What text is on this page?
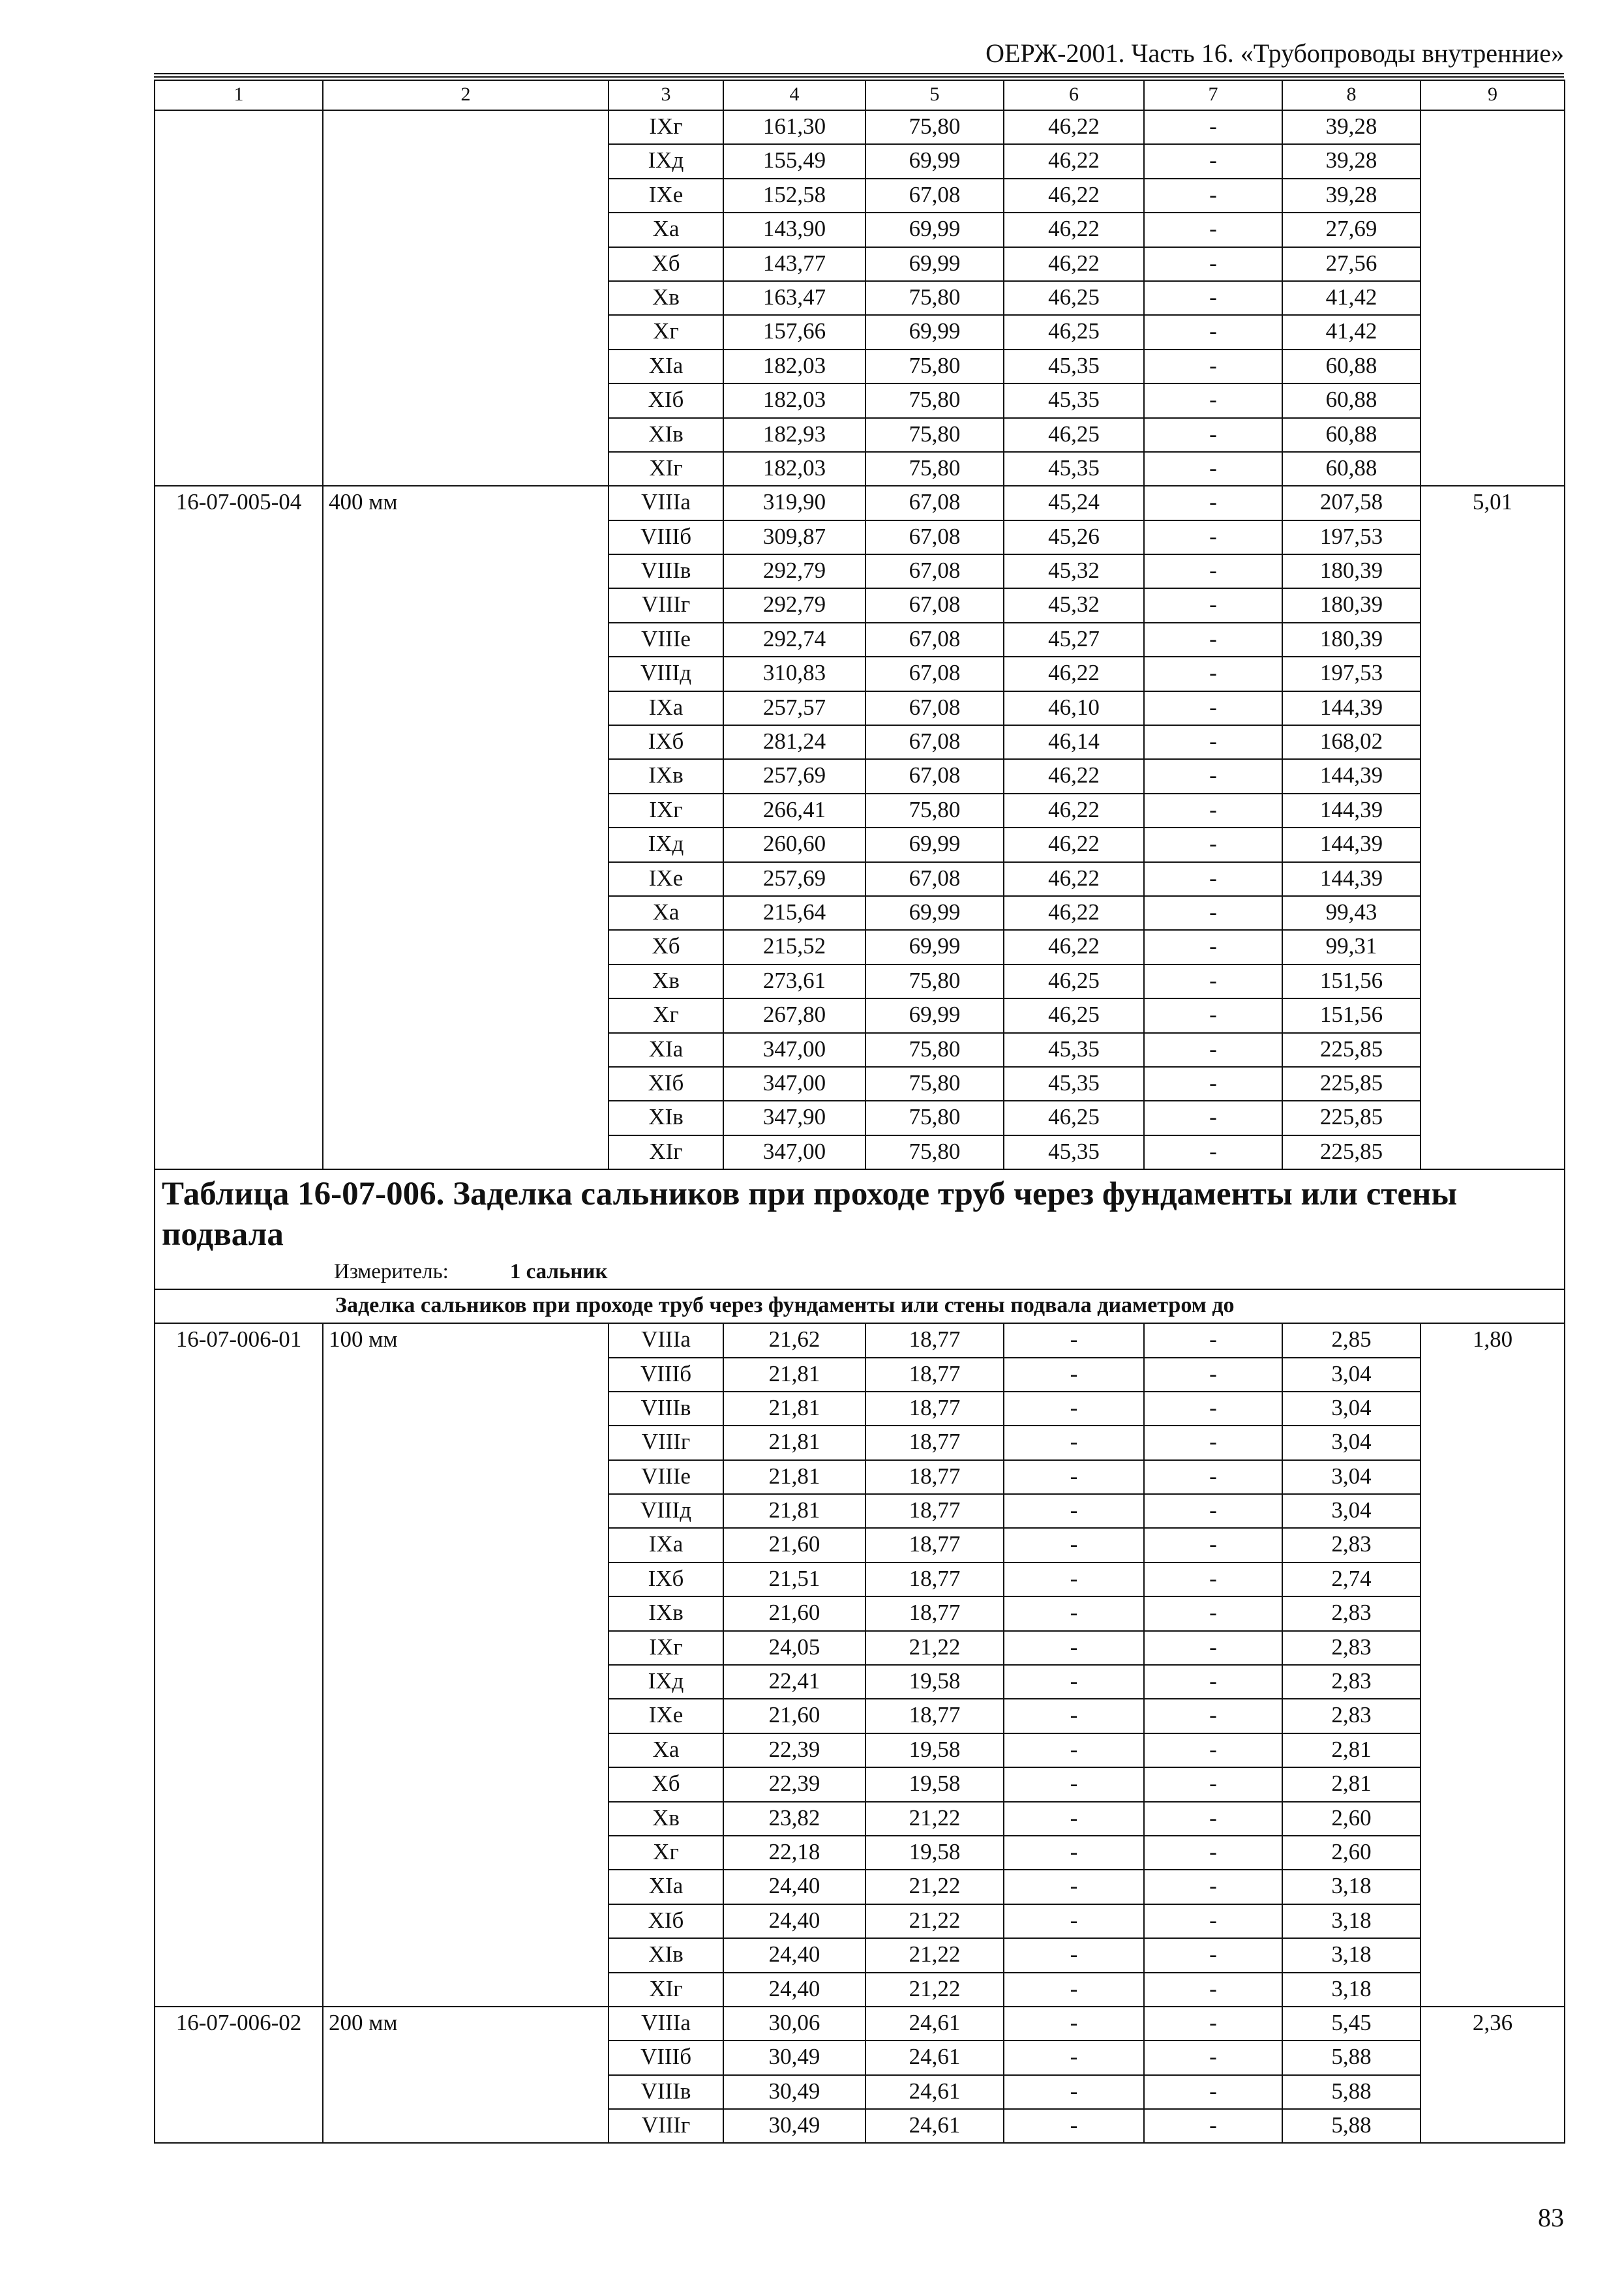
ОЕРЖ-2001. Часть 16. «Трубопроводы внутренние»
1	2	3	4	5	6	7	8	9
		IXг	161,30	75,80	46,22	-	39,28	
		IXд	155,49	69,99	46,22	-	39,28	
		IXе	152,58	67,08	46,22	-	39,28	
		Xa	143,90	69,99	46,22	-	27,69	
		Xб	143,77	69,99	46,22	-	27,56	
		Xв	163,47	75,80	46,25	-	41,42	
		Xг	157,66	69,99	46,25	-	41,42	
		XIa	182,03	75,80	45,35	-	60,88	
		XIб	182,03	75,80	45,35	-	60,88	
		XIв	182,93	75,80	46,25	-	60,88	
		XIг	182,03	75,80	45,35	-	60,88	
16-07-005-04	400 мм	VIIIa	319,90	67,08	45,24	-	207,58	5,01
		VIIIб	309,87	67,08	45,26	-	197,53	
		VIIIв	292,79	67,08	45,32	-	180,39	
		VIIIг	292,79	67,08	45,32	-	180,39	
		VIIIе	292,74	67,08	45,27	-	180,39	
		VIIIд	310,83	67,08	46,22	-	197,53	
		IXa	257,57	67,08	46,10	-	144,39	
		IXб	281,24	67,08	46,14	-	168,02	
		IXв	257,69	67,08	46,22	-	144,39	
		IXг	266,41	75,80	46,22	-	144,39	
		IXд	260,60	69,99	46,22	-	144,39	
		IXе	257,69	67,08	46,22	-	144,39	
		Xa	215,64	69,99	46,22	-	99,43	
		Xб	215,52	69,99	46,22	-	99,31	
		Xв	273,61	75,80	46,25	-	151,56	
		Xг	267,80	69,99	46,25	-	151,56	
		XIa	347,00	75,80	45,35	-	225,85	
		XIб	347,00	75,80	45,35	-	225,85	
		XIв	347,90	75,80	46,25	-	225,85	
		XIг	347,00	75,80	45,35	-	225,85	

Таблица 16-07-006. Заделка сальников при проходе труб через фундаменты или стены подвала
Измеритель: 1 сальник								

Заделка сальников при проходе труб через фундаменты или стены подвала диаметром до								
16-07-006-01	100 мм	VIIIa	21,62	18,77	-	-	2,85	1,80
		VIIIб	21,81	18,77	-	-	3,04	
		VIIIв	21,81	18,77	-	-	3,04	
		VIIIг	21,81	18,77	-	-	3,04	
		VIIIе	21,81	18,77	-	-	3,04	
		VIIIд	21,81	18,77	-	-	3,04	
		IXa	21,60	18,77	-	-	2,83	
		IXб	21,51	18,77	-	-	2,74	
		IXв	21,60	18,77	-	-	2,83	
		IXг	24,05	21,22	-	-	2,83	
		IXд	22,41	19,58	-	-	2,83	
		IXе	21,60	18,77	-	-	2,83	
		Xa	22,39	19,58	-	-	2,81	
		Xб	22,39	19,58	-	-	2,81	
		Xв	23,82	21,22	-	-	2,60	
		Xг	22,18	19,58	-	-	2,60	
		XIa	24,40	21,22	-	-	3,18	
		XIб	24,40	21,22	-	-	3,18	
		XIв	24,40	21,22	-	-	3,18	
		XIг	24,40	21,22	-	-	3,18	
16-07-006-02	200 мм	VIIIa	30,06	24,61	-	-	5,45	2,36
		VIIIб	30,49	24,61	-	-	5,88	
		VIIIв	30,49	24,61	-	-	5,88	
		VIIIг	30,49	24,61	-	-	5,88	
83
